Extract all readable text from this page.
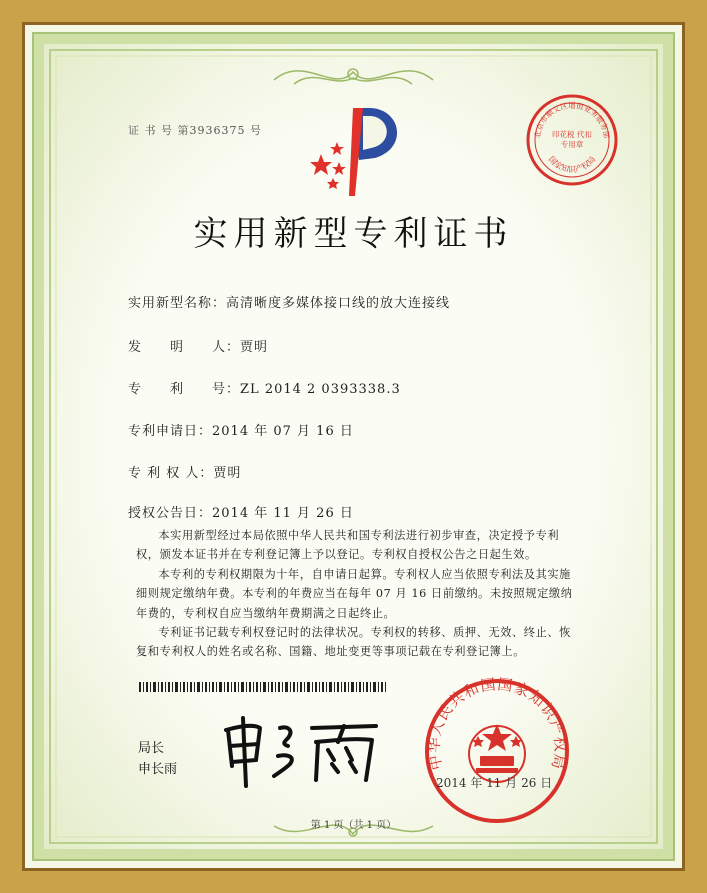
证 书 号 第3936375 号
实用新型专利证书
北京市顺义区增值业务服务部
国家知识产权局
印花税 代扣专用章
实用新型名称：高清晰度多媒体接口线的放大连接线
发　　明　　人：贾明
专　　利　　号：ZL 2014 2 0393338.3
专利申请日：2014 年 07 月 16 日
专 利 权 人：贾明
授权公告日：2014 年 11 月 26 日

本实用新型经过本局依照中华人民共和国专利法进行初步审查，决定授予专利权，颁发本证书并在专利登记簿上予以登记。专利权自授权公告之日起生效。

本专利的专利权期限为十年，自申请日起算。专利权人应当依照专利法及其实施细则规定缴纳年费。本专利的年费应当在每年 07 月 16 日前缴纳。未按照规定缴纳年费的，专利权自应当缴纳年费期满之日起终止。

专利证书记载专利权登记时的法律状况。专利权的转移、质押、无效、终止、恢复和专利权人的姓名或名称、国籍、地址变更等事项记载在专利登记簿上。

局长
申长雨	中华人民共和国国家知识产权局
2014 年 11 月 26 日
第 1 页（共 1 页）
